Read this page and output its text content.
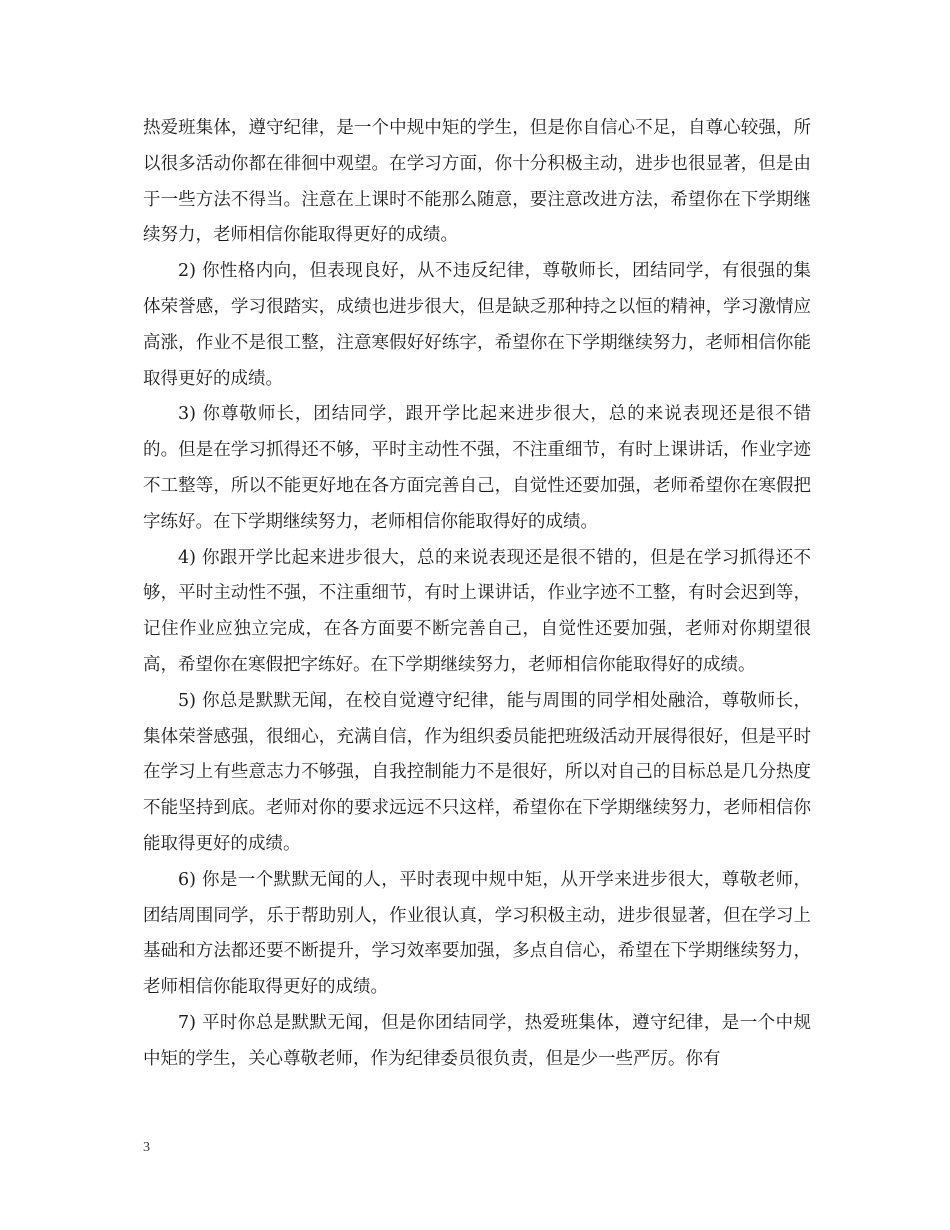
热爱班集体，遵守纪律，是一个中规中矩的学生，但是你自信心不足，自尊心较强，所以很多活动你都在徘徊中观望。在学习方面，你十分积极主动，进步也很显著，但是由于一些方法不得当。注意在上课时不能那么随意，要注意改进方法，希望你在下学期继续努力，老师相信你能取得更好的成绩。

2) 你性格内向，但表现良好，从不违反纪律，尊敬师长，团结同学，有很强的集体荣誉感，学习很踏实，成绩也进步很大，但是缺乏那种持之以恒的精神，学习激情应高涨，作业不是很工整，注意寒假好好练字，希望你在下学期继续努力，老师相信你能取得更好的成绩。

3) 你尊敬师长，团结同学，跟开学比起来进步很大，总的来说表现还是很不错的。但是在学习抓得还不够，平时主动性不强，不注重细节，有时上课讲话，作业字迹不工整等，所以不能更好地在各方面完善自己，自觉性还要加强，老师希望你在寒假把字练好。在下学期继续努力，老师相信你能取得好的成绩。

4) 你跟开学比起来进步很大，总的来说表现还是很不错的，但是在学习抓得还不够，平时主动性不强，不注重细节，有时上课讲话，作业字迹不工整，有时会迟到等，记住作业应独立完成，在各方面要不断完善自己，自觉性还要加强，老师对你期望很高，希望你在寒假把字练好。在下学期继续努力，老师相信你能取得好的成绩。

5) 你总是默默无闻，在校自觉遵守纪律，能与周围的同学相处融洽，尊敬师长，集体荣誉感强，很细心，充满自信，作为组织委员能把班级活动开展得很好，但是平时在学习上有些意志力不够强，自我控制能力不是很好，所以对自己的目标总是几分热度不能坚持到底。老师对你的要求远远不只这样，希望你在下学期继续努力，老师相信你能取得更好的成绩。

6) 你是一个默默无闻的人，平时表现中规中矩，从开学来进步很大，尊敬老师，团结周围同学，乐于帮助别人，作业很认真，学习积极主动，进步很显著，但在学习上基础和方法都还要不断提升，学习效率要加强，多点自信心，希望在下学期继续努力，老师相信你能取得更好的成绩。

7) 平时你总是默默无闻，但是你团结同学，热爱班集体，遵守纪律，是一个中规中矩的学生，关心尊敬老师，作为纪律委员很负责，但是少一些严厉。你有

3
